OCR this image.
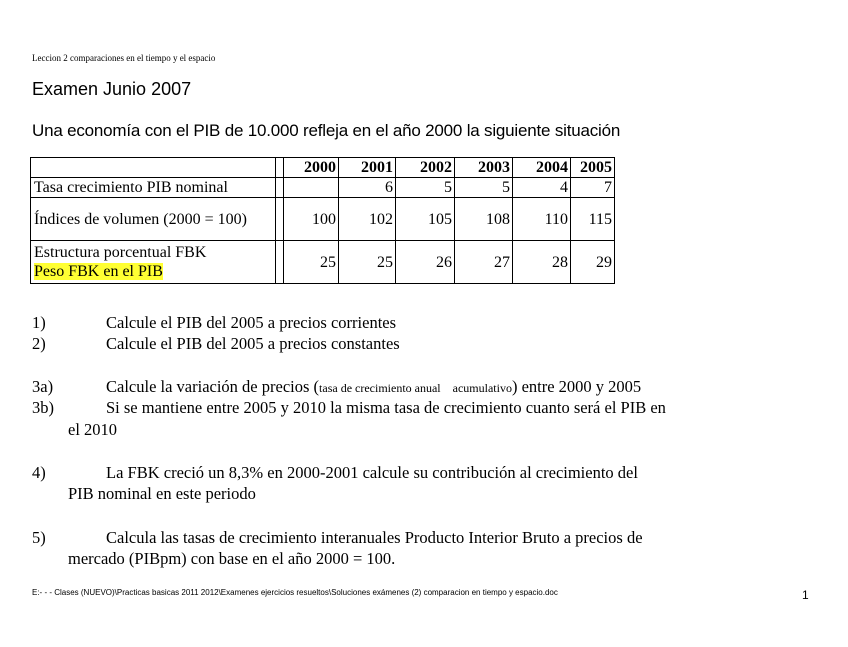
Leccion 2 comparaciones en el tiempo y el espacio
Examen Junio 2007
Una economía con el PIB de 10.000 refleja en el año 2000 la siguiente situación
		2000	2001	2002	2003	2004	2005
Tasa crecimiento PIB nominal			6	5	5	4	7
Índices de volumen (2000 = 100)		100	102	105	108	110	115

Estructura porcentual FBK
Peso FBK en el PIB		25	25	26	27	28	29
1)	Calcule el PIB del 2005 a precios corrientes
2)	Calcule el PIB del 2005 a precios constantes
3a)	Calcule la variación de precios (tasa de crecimiento anual    acumulativo) entre 2000 y 2005
3b)	Si se mantiene entre 2005 y 2010 la misma tasa de crecimiento cuanto será el PIB en
el 2010
4)	La FBK creció un 8,3% en 2000-2001 calcule su contribución al crecimiento del
PIB nominal en este periodo
5)	Calcula las tasas de crecimiento interanuales Producto Interior Bruto a precios de
mercado (PIBpm) con base en el año 2000 = 100.
E:- - - Clases (NUEVO)\Practicas basicas 2011 2012\Examenes ejercicios resueltos\Soluciones exámenes (2) comparacion en tiempo y espacio.doc	1
